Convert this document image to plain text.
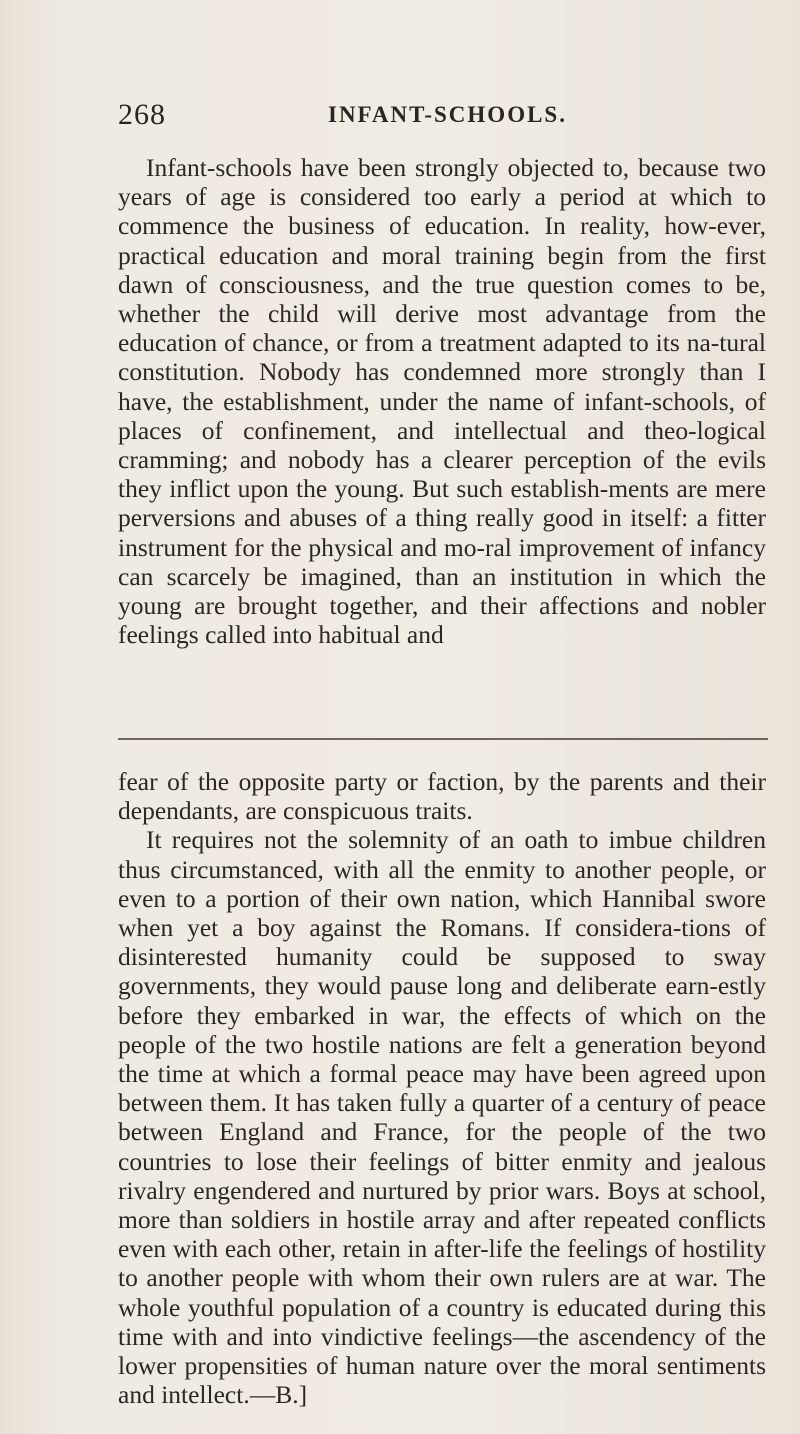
268	INFANT-SCHOOLS.

Infant-schools have been strongly objected to, because two years of age is considered too early a period at which to commence the business of education. In reality, how-ever, practical education and moral training begin from the first dawn of consciousness, and the true question comes to be, whether the child will derive most advantage from the education of chance, or from a treatment adapted to its na-tural constitution. Nobody has condemned more strongly than I have, the establishment, under the name of infant-schools, of places of confinement, and intellectual and theo-logical cramming; and nobody has a clearer perception of the evils they inflict upon the young. But such establish-ments are mere perversions and abuses of a thing really good in itself: a fitter instrument for the physical and mo-ral improvement of infancy can scarcely be imagined, than an institution in which the young are brought together, and their affections and nobler feelings called into habitual and

fear of the opposite party or faction, by the parents and their dependants, are conspicuous traits.

It requires not the solemnity of an oath to imbue children thus circumstanced, with all the enmity to another people, or even to a portion of their own nation, which Hannibal swore when yet a boy against the Romans. If considera-tions of disinterested humanity could be supposed to sway governments, they would pause long and deliberate earn-estly before they embarked in war, the effects of which on the people of the two hostile nations are felt a generation beyond the time at which a formal peace may have been agreed upon between them. It has taken fully a quarter of a century of peace between England and France, for the people of the two countries to lose their feelings of bitter enmity and jealous rivalry engendered and nurtured by prior wars. Boys at school, more than soldiers in hostile array and after repeated conflicts even with each other, retain in after-life the feelings of hostility to another people with whom their own rulers are at war. The whole youthful population of a country is educated during this time with and into vindictive feelings—the ascendency of the lower propensities of human nature over the moral sentiments and intellect.—B.]
